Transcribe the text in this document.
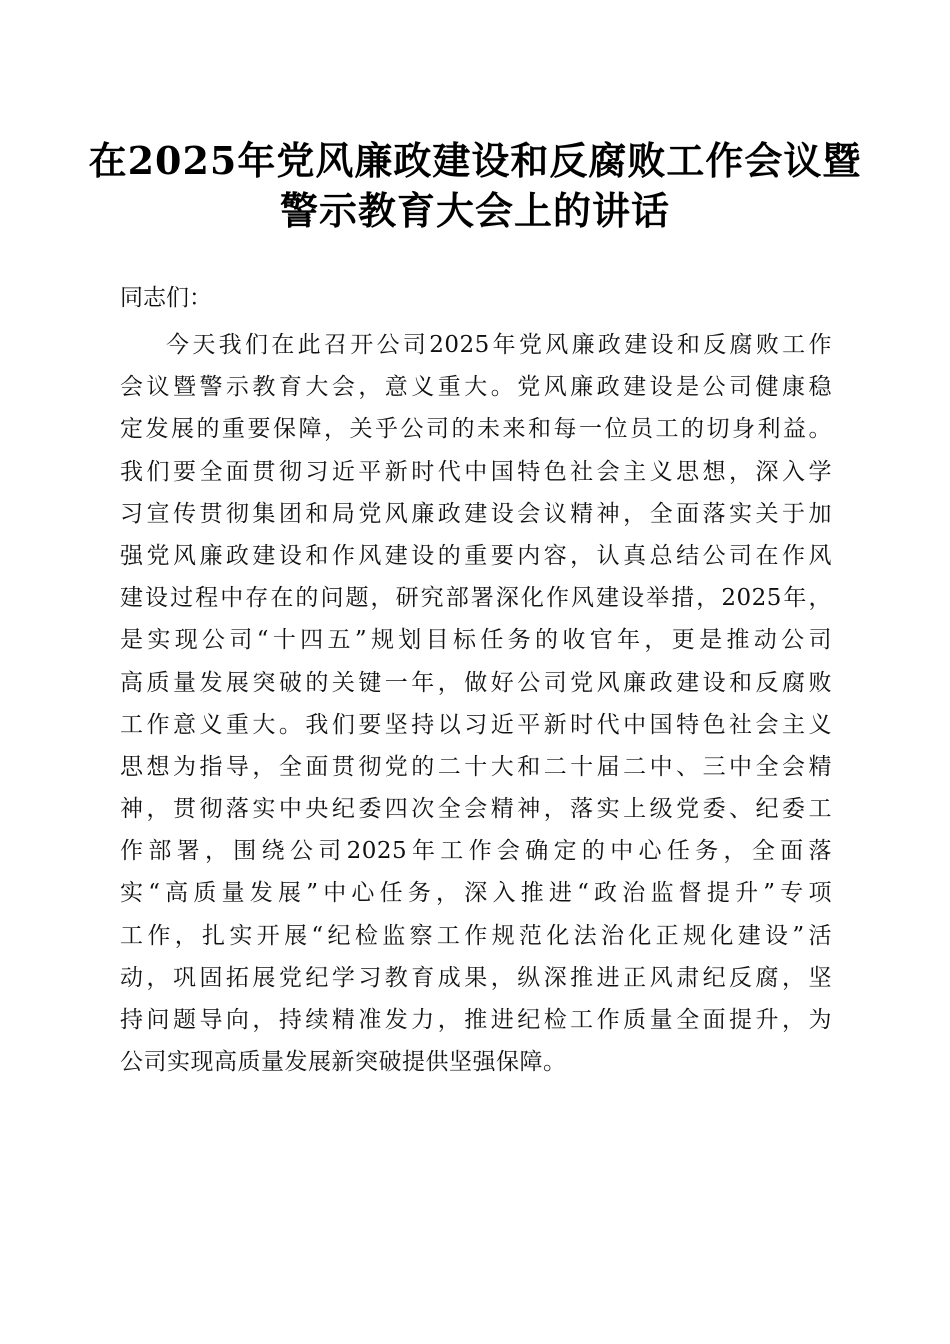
在2025年党风廉政建设和反腐败工作会议暨
警示教育大会上的讲话
同志们：
今天我们在此召开公司2025年党风廉政建设和反腐败工作
会议暨警示教育大会，意义重大。党风廉政建设是公司健康稳
定发展的重要保障，关乎公司的未来和每一位员工的切身利益。
我们要全面贯彻习近平新时代中国特色社会主义思想，深入学
习宣传贯彻集团和局党风廉政建设会议精神，全面落实关于加
强党风廉政建设和作风建设的重要内容，认真总结公司在作风
建设过程中存在的问题，研究部署深化作风建设举措，2025年，
是实现公司“十四五”规划目标任务的收官年，更是推动公司
高质量发展突破的关键一年，做好公司党风廉政建设和反腐败
工作意义重大。我们要坚持以习近平新时代中国特色社会主义
思想为指导，全面贯彻党的二十大和二十届二中、三中全会精
神，贯彻落实中央纪委四次全会精神，落实上级党委、纪委工
作部署，围绕公司2025年工作会确定的中心任务，全面落
实“高质量发展”中心任务，深入推进“政治监督提升”专项
工作，扎实开展“纪检监察工作规范化法治化正规化建设”活
动，巩固拓展党纪学习教育成果，纵深推进正风肃纪反腐，坚
持问题导向，持续精准发力，推进纪检工作质量全面提升，为
公司实现高质量发展新突破提供坚强保障。
